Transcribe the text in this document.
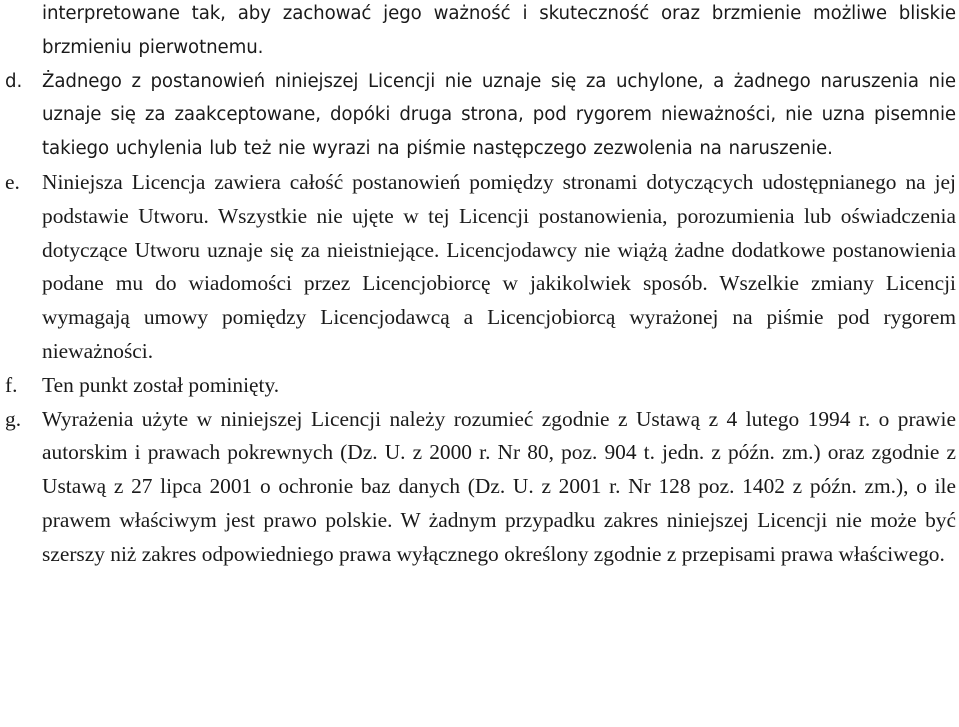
interpretowane tak, aby zachować jego ważność i skuteczność oraz brzmienie możliwe bliskie brzmieniu pierwotnemu.
d. Żadnego z postanowień niniejszej Licencji nie uznaje się za uchylone, a żadnego naruszenia nie uznaje się za zaakceptowane, dopóki druga strona, pod rygorem nieważności, nie uzna pisemnie takiego uchylenia lub też nie wyrazi na piśmie następczego zezwolenia na naruszenie.
e. Niniejsza Licencja zawiera całość postanowień pomiędzy stronami dotyczących udostępnianego na jej podstawie Utworu. Wszystkie nie ujęte w tej Licencji postanowienia, porozumienia lub oświadczenia dotyczące Utworu uznaje się za nieistniejące. Licencjodawcy nie wiążą żadne dodatkowe postanowienia podane mu do wiadomości przez Licencjobiorcę w jakikolwiek sposób. Wszelkie zmiany Licencji wymagają umowy pomiędzy Licencjodawcą a Licencjobiorcą wyrażonej na piśmie pod rygorem nieważności.
f. Ten punkt został pominięty.
g. Wyrażenia użyte w niniejszej Licencji należy rozumieć zgodnie z Ustawą z 4 lutego 1994 r. o prawie autorskim i prawach pokrewnych (Dz. U. z 2000 r. Nr 80, poz. 904 t. jedn. z późn. zm.) oraz zgodnie z Ustawą z 27 lipca 2001 o ochronie baz danych (Dz. U. z 2001 r. Nr 128 poz. 1402 z późn. zm.), o ile prawem właściwym jest prawo polskie. W żadnym przypadku zakres niniejszej Licencji nie może być szerszy niż zakres odpowiedniego prawa wyłącznego określony zgodnie z przepisami prawa właściwego.
